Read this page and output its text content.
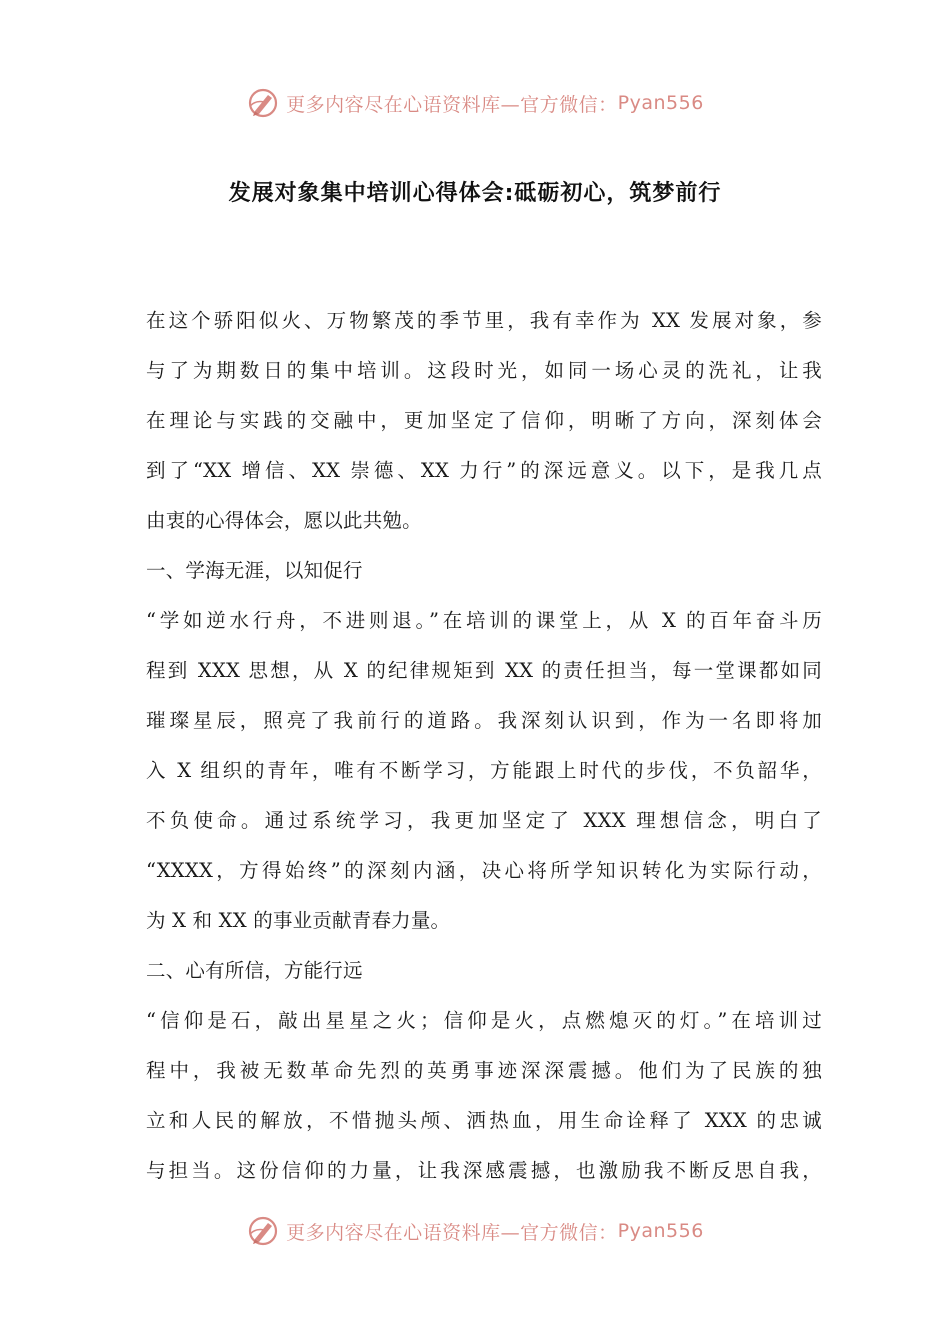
更多内容尽在心语资料库—官方微信： Pyan556
发展对象集中培训心得体会:砥砺初心，筑梦前行
在这个骄阳似火、万物繁茂的季节里，我有幸作为 XX 发展对象，参
与了为期数日的集中培训。这段时光，如同一场心灵的洗礼，让我
在理论与实践的交融中，更加坚定了信仰，明晰了方向，深刻体会
到了“XX 增信、XX 崇德、XX 力行”的深远意义。以下，是我几点
由衷的心得体会，愿以此共勉。
一、学海无涯，以知促行
“学如逆水行舟，不进则退。”在培训的课堂上，从 X 的百年奋斗历
程到 XXX 思想，从 X 的纪律规矩到 XX 的责任担当，每一堂课都如同
璀璨星辰，照亮了我前行的道路。我深刻认识到，作为一名即将加
入 X 组织的青年，唯有不断学习，方能跟上时代的步伐，不负韶华，
不负使命。通过系统学习，我更加坚定了 XXX 理想信念，明白了
“XXXX，方得始终”的深刻内涵，决心将所学知识转化为实际行动，
为 X 和 XX 的事业贡献青春力量。
二、心有所信，方能行远
“信仰是石，敲出星星之火；信仰是火，点燃熄灭的灯。”在培训过
程中，我被无数革命先烈的英勇事迹深深震撼。他们为了民族的独
立和人民的解放，不惜抛头颅、洒热血，用生命诠释了 XXX 的忠诚
与担当。这份信仰的力量，让我深感震撼，也激励我不断反思自我，
更多内容尽在心语资料库—官方微信： Pyan556
